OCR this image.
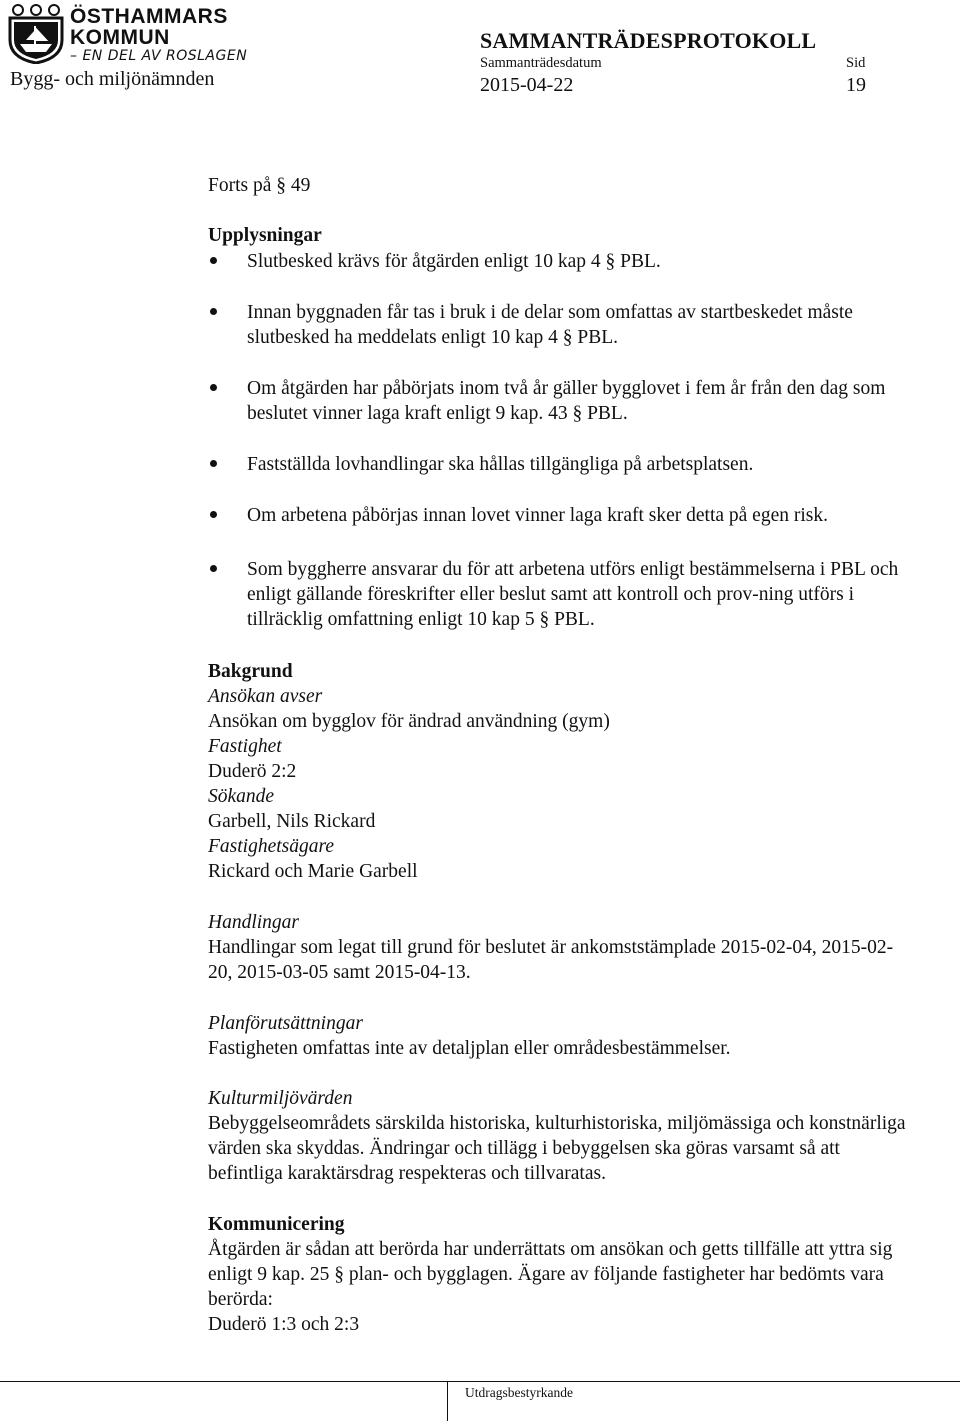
ÖSTHAMMARS
KOMMUN
– EN DEL AV ROSLAGEN
Bygg- och miljönämnden
SAMMANTRÄDESPROTOKOLL
Sammanträdesdatum
2015-04-22
Sid
19
Forts på § 49
Upplysningar
Slutbesked krävs för åtgärden enligt 10 kap 4 § PBL.
Innan byggnaden får tas i bruk i de delar som omfattas av startbeskedet måste slutbesked ha meddelats enligt 10 kap 4 § PBL.
Om åtgärden har påbörjats inom två år gäller bygglovet i fem år från den dag som beslutet vinner laga kraft enligt 9 kap. 43 § PBL.
Fastställda lovhandlingar ska hållas tillgängliga på arbetsplatsen.
Om arbetena påbörjas innan lovet vinner laga kraft sker detta på egen risk.
Som byggherre ansvarar du för att arbetena utförs enligt bestämmelserna i PBL och enligt gällande föreskrifter eller beslut samt att kontroll och prov-ning utförs i tillräcklig omfattning enligt 10 kap 5 § PBL.
Bakgrund
Ansökan avser
Ansökan om bygglov för ändrad användning (gym)
Fastighet
Duderö 2:2
Sökande
Garbell, Nils Rickard
Fastighetsägare
Rickard och Marie Garbell
Handlingar
Handlingar som legat till grund för beslutet är ankomststämplade 2015-02-04, 2015-02-20, 2015-03-05 samt 2015-04-13.
Planförutsättningar
Fastigheten omfattas inte av detaljplan eller områdesbestämmelser.
Kulturmiljövärden
Bebyggelseområdets särskilda historiska, kulturhistoriska, miljömässiga och konstnärliga värden ska skyddas. Ändringar och tillägg i bebyggelsen ska göras varsamt så att befintliga karaktärsdrag respekteras och tillvaratas.
Kommunicering
Åtgärden är sådan att berörda har underrättats om ansökan och getts tillfälle att yttra sig enligt 9 kap. 25 § plan- och bygglagen. Ägare av följande fastigheter har bedömts vara berörda:
Duderö 1:3 och 2:3
Utdragsbestyrkande
